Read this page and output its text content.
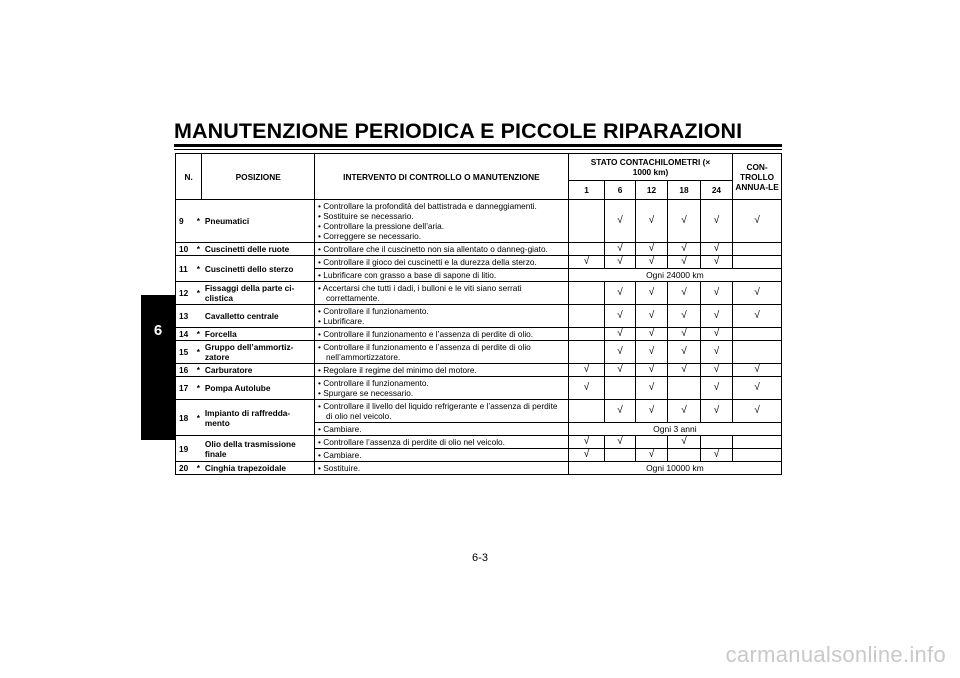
MANUTENZIONE PERIODICA E PICCOLE RIPARAZIONI
6
N.		POSIZIONE	INTERVENTO DI CONTROLLO O MANUTENZIONE	STATO CONTACHILOMETRI (× 1000 km)					CON-TROLLO ANNUA-LE
				1	6	12	18	24	
9	*	Pneumatici	• Controllare la profondità del battistrada e danneggiamenti.
• Sostituire se necessario.
• Controllare la pressione dell’aria.
• Correggere se necessario.		√	√	√	√	√
10	*	Cuscinetti delle ruote	• Controllare che il cuscinetto non sia allentato o danneg-giato.		√	√	√	√	
11	*	Cuscinetti dello sterzo	• Controllare il gioco dei cuscinetti e la durezza della sterzo.	√	√	√	√	√	

			• Lubrificare con grasso a base di sapone di litio.	Ogni 24000 km					
12	*	Fissaggi della parte ci-clistica	• Accertarsi che tutti i dadi, i bulloni e le viti siano serrati correttamente.		√	√	√	√	√
13		Cavalletto centrale	• Controllare il funzionamento.
• Lubrificare.		√	√	√	√	√
14	*	Forcella	• Controllare il funzionamento e l’assenza di perdite di olio.		√	√	√	√	
15	*	Gruppo dell’ammortiz-zatore	• Controllare il funzionamento e l’assenza di perdite di olio nell’ammortizzatore.		√	√	√	√	
16	*	Carburatore	• Regolare il regime del minimo del motore.	√	√	√	√	√	√
17	*	Pompa Autolube	• Controllare il funzionamento.
• Spurgare se necessario.	√		√		√	√
18	*	Impianto di raffredda-mento	• Controllare il livello del liquido refrigerante e l’assenza di perdite di olio nel veicolo.		√	√	√	√	√

			• Cambiare.	Ogni 3 anni					
19		Olio della trasmissione finale	• Controllare l’assenza di perdite di olio nel veicolo.	√	√		√		

			• Cambiare.	√		√		√	
20	*	Cinghia trapezoidale	• Sostituire.	Ogni 10000 km					
6-3
carmanualsonline.info
